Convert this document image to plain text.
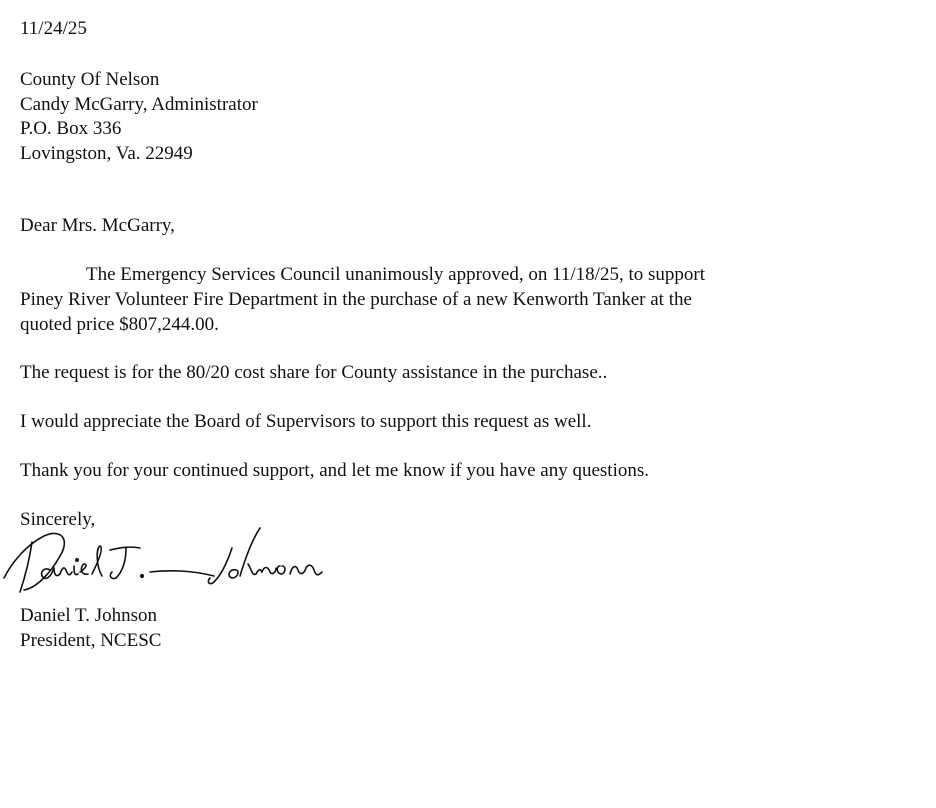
11/24/25
County Of Nelson
Candy McGarry, Administrator
P.O. Box 336
Lovingston, Va. 22949
Dear Mrs. McGarry,
The Emergency Services Council unanimously approved, on 11/18/25, to support
Piney River Volunteer Fire Department in the purchase of a new Kenworth Tanker at the
quoted price $807,244.00.
The request is for the 80/20 cost share for County assistance in the purchase..
I would appreciate the Board of Supervisors to support this request as well.
Thank you for your continued support, and let me know if you have any questions.
Sincerely,
Daniel T. Johnson
President, NCESC
